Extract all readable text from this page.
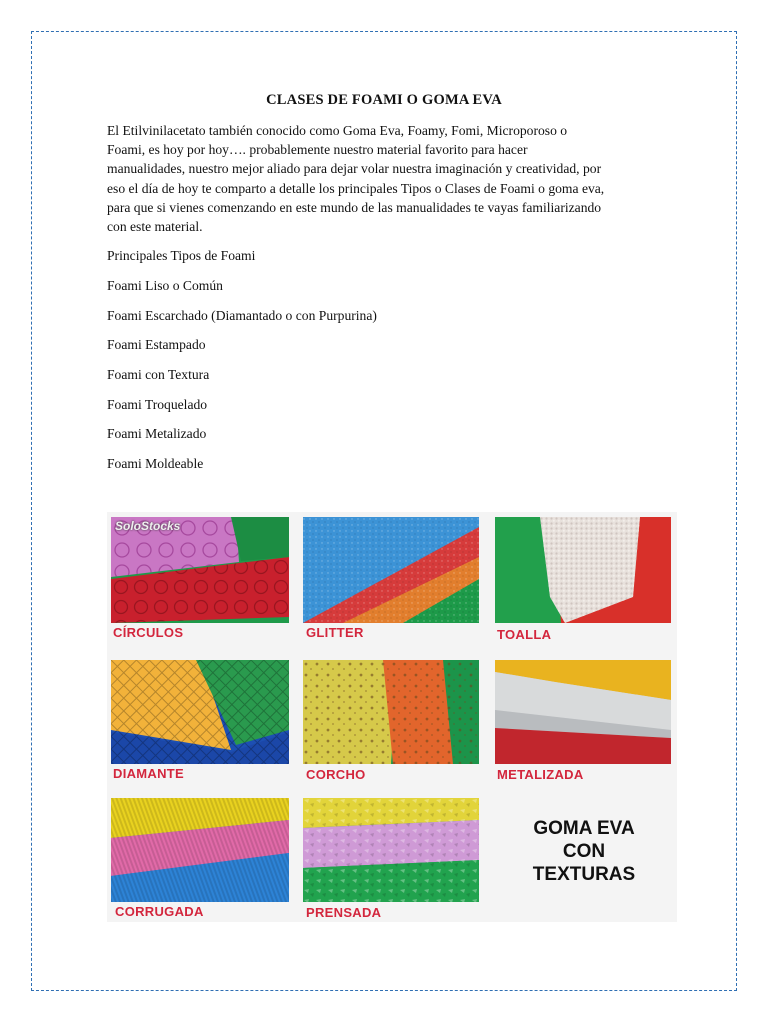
CLASES DE FOAMI O GOMA EVA
El Etilvinilacetato también conocido como Goma Eva, Foamy, Fomi, Microporoso o
Foami, es hoy por hoy…. probablemente nuestro material favorito para hacer
manualidades, nuestro mejor aliado para dejar volar nuestra imaginación y creatividad, por
eso el día de hoy te comparto a detalle los principales Tipos o Clases de Foami o goma eva,
para que si vienes comenzando en este mundo de las manualidades te vayas familiarizando
con este material.
Principales Tipos de Foami
Foami Liso o Común
Foami Escarchado (Diamantado o con Purpurina)
Foami Estampado
Foami con Textura
Foami Troquelado
Foami Metalizado
Foami Moldeable
SoloStocks
CÍRCULOS	GLITTER	TOALLA
DIAMANTE	CORCHO	METALIZADA
CORRUGADA	PRENSADA
GOMA EVA
CON
TEXTURAS
